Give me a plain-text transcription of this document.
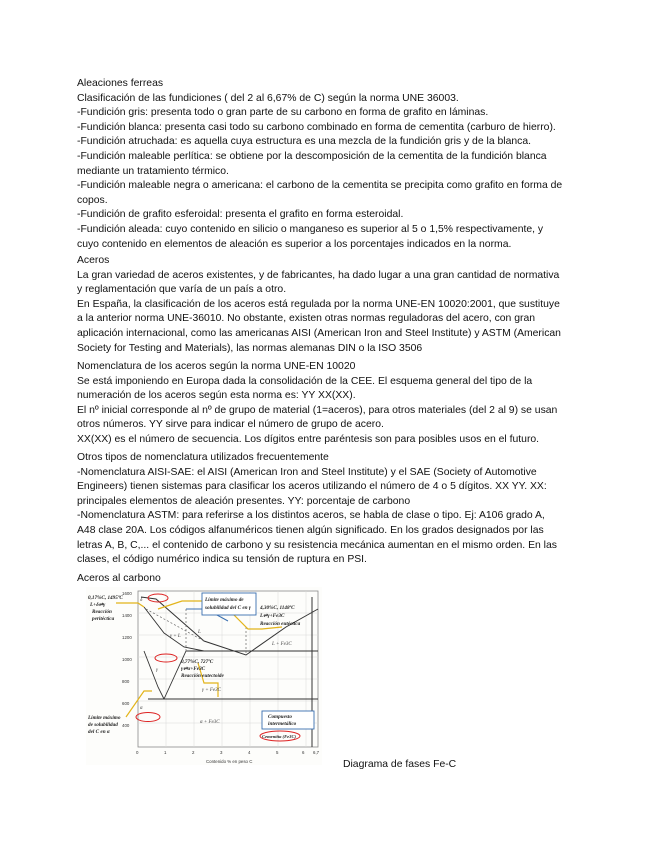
Aleaciones ferreas

Clasificación de las fundiciones ( del 2 al 6,67% de C) según la norma UNE 36003.
-Fundición gris: presenta todo o gran parte de su carbono en forma de grafito en láminas.
-Fundición blanca: presenta casi todo su carbono combinado en forma de cementita (carburo de hierro).
-Fundición atruchada: es aquella cuya estructura es una mezcla de la fundición gris y de la blanca.
-Fundición maleable perlítica: se obtiene por la descomposición de la cementita de la fundición blanca
mediante un tratamiento térmico.
-Fundición maleable negra o americana: el carbono de la cementita se precipita como grafito en forma de
copos.
-Fundición de grafito esferoidal: presenta el grafito en forma esteroidal.
-Fundición aleada: cuyo contenido en silicio o manganeso es superior al 5 o 1,5% respectivamente, y
cuyo contenido en elementos de aleación es superior a los porcentajes indicados en la norma.

Aceros

La gran variedad de aceros existentes, y de fabricantes, ha dado lugar a una gran cantidad de normativa
y reglamentación que varía de un país a otro.
En España, la clasificación de los aceros está regulada por la norma UNE-EN 10020:2001, que sustituye
a la anterior norma UNE-36010. No obstante, existen otras normas reguladoras del acero, con gran
aplicación internacional, como las americanas AISI (American Iron and Steel Institute) y ASTM (American
Society for Testing and Materials), las normas alemanas DIN o la ISO 3506

Nomenclatura de los aceros según la norma UNE-EN 10020

Se está imponiendo en Europa dada la consolidación de la CEE. El esquema general del tipo de la
numeración de los aceros según esta norma es: YY XX(XX).
El nº inicial corresponde al nº de grupo de material (1=aceros), para otros materiales (del 2 al 9) se usan
otros números. YY sirve para indicar el número de grupo de acero.
XX(XX) es el número de secuencia. Los dígitos entre paréntesis son para posibles usos en el futuro.

Otros tipos de nomenclatura utilizados frecuentemente

-Nomenclatura AISI-SAE: el AISI (American Iron and Steel Institute) y el SAE (Society of Automotive
Engineers) tienen sistemas para clasificar los aceros utilizando el número de 4 o 5 dígitos. XX YY. XX:
principales elementos de aleación presentes. YY: porcentaje de carbono
-Nomenclatura ASTM: para referirse a los distintos aceros, se habla de clase o tipo. Ej: A106 grado A,
A48 clase 20A. Los códigos alfanuméricos tienen algún significado. En los grados designados por las
letras A, B, C,... el contenido de carbono y su resistencia mecánica aumentan en el mismo orden. En las
clases, el código numérico indica su tensión de ruptura en PSI.

Aceros al carbono

0,17%C, 1495ºC
L+δ⇌γ
Reacción
peritéctica
Límite máximo de
solubilidad del C en γ 4,30%C, 1148ºC
L⇌γ+Fe3C
Reacción eutéctica
0,77%C, 727ºC
γ⇌α+Fe3C
Reacción eutectoide
Límite máximo
de solubilidad
del C en α
Compuesto
intermetálico
Cementita (Fe3C)
Contenido % en peso C
1600
1400
1200
1000
800
600
400
0	1	2	3	4	5	6 6,7
L
γ + L
L + Fe3C
γ
γ + Fe3C
α + Fe3C
α
δ
Diagrama de fases Fe-C
